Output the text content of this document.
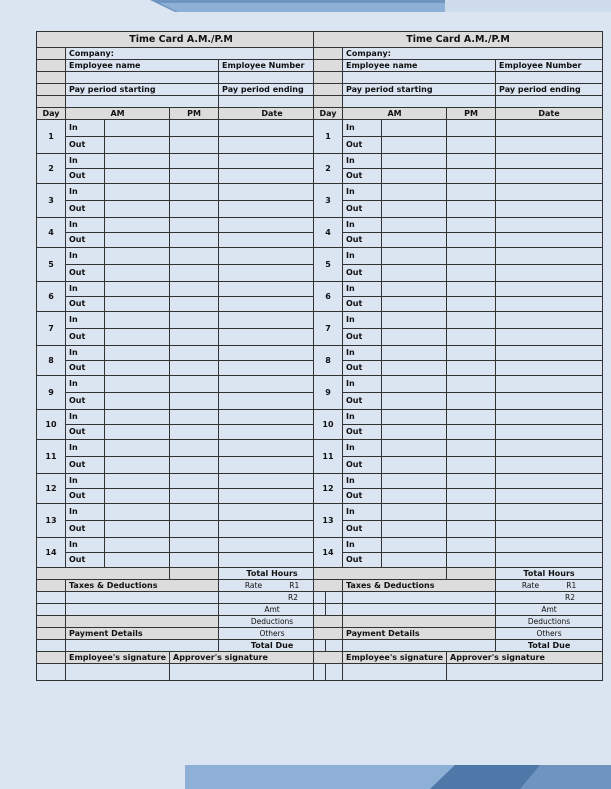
Time Card A.M./P.M				
	Company:			
	Employee name			Employee Number

	Pay period starting			Pay period ending

Day	AM		PM	Date
1	In			
	Out			
2	In			
	Out			
3	In			
	Out			
4	In			
	Out			
5	In			
	Out			
6	In			
	Out			
7	In			
	Out			
8	In			
	Out			
9	In			
	Out			
10	In			
	Out			
11	In			
	Out			
12	In			
	Out			
13	In			
	Out			
14	In			
	Out			
				Total Hours
	Taxes & Deductions			Rate R1
				R2
				Amt
				Deductions
	Payment Details			Others
				Total Due
	Employee's signature		Approver's signature	

Time Card A.M./P.M				
	Company:			
	Employee name			Employee Number

	Pay period starting			Pay period ending

Day	AM		PM	Date
1	In			
	Out			
2	In			
	Out			
3	In			
	Out			
4	In			
	Out			
5	In			
	Out			
6	In			
	Out			
7	In			
	Out			
8	In			
	Out			
9	In			
	Out			
10	In			
	Out			
11	In			
	Out			
12	In			
	Out			
13	In			
	Out			
14	In			
	Out			
				Total Hours
	Taxes & Deductions			Rate R1
				R2
				Amt
				Deductions
	Payment Details			Others
				Total Due
	Employee's signature		Approver's signature	
